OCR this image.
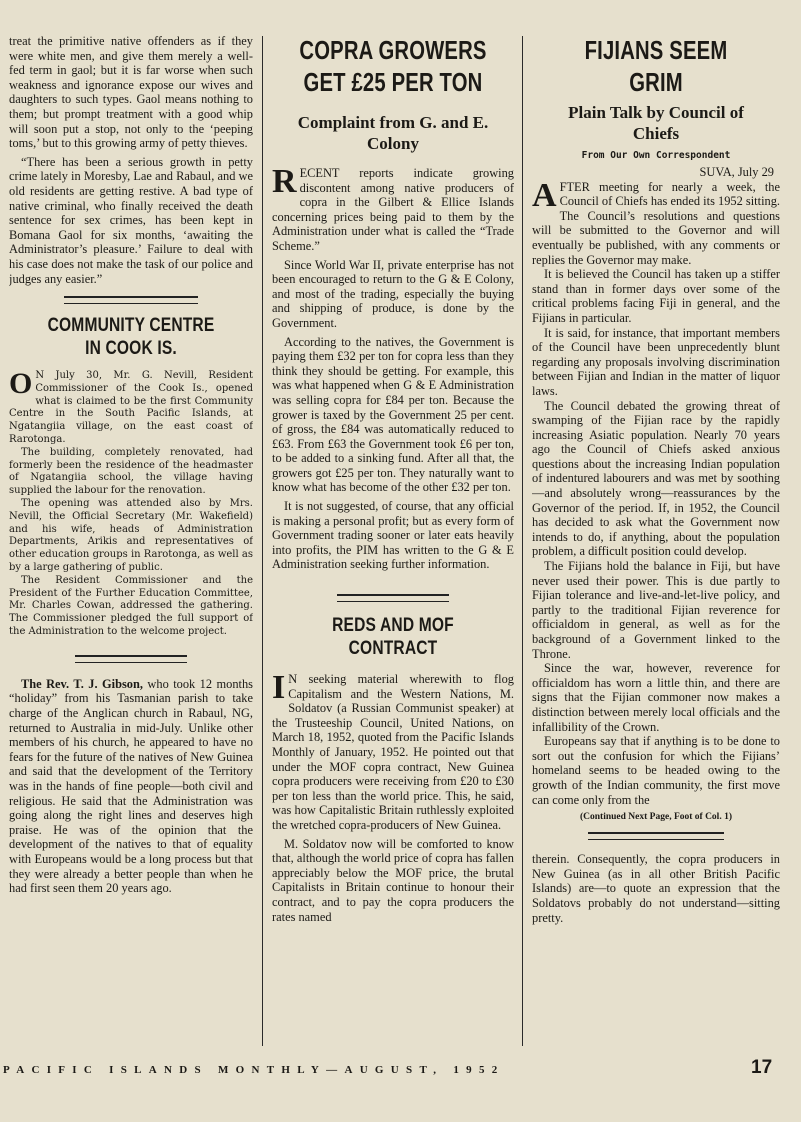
treat the primitive native offenders as if they were white men, and give them merely a well-fed term in gaol; but it is far worse when such weakness and ignorance expose our wives and daughters to such types. Gaol means nothing to them; but prompt treatment with a good whip will soon put a stop, not only to the ‘peeping toms,’ but to this growing army of petty thieves.

“There has been a serious growth in petty crime lately in Moresby, Lae and Rabaul, and we old residents are getting restive. A bad type of native criminal, who finally received the death sentence for sex crimes, has been kept in Bomana Gaol for six months, ‘awaiting the Administrator’s pleasure.’ Failure to deal with his case does not make the task of our police and judges any easier.”

COMMUNITY CENTRE IN COOK IS.

O N July 30, Mr. G. Nevill, Resident Commissioner of the Cook Is., opened what is claimed to be the first Community Centre in the South Pacific Islands, at Ngatangiia village, on the east coast of Rarotonga.

The building, completely renovated, had formerly been the residence of the headmaster of Ngatangiia school, the village having supplied the labour for the renovation.

The opening was attended also by Mrs. Nevill, the Official Secretary (Mr. Wakefield) and his wife, heads of Administration Departments, Arikis and representatives of other education groups in Rarotonga, as well as by a large gathering of public.

The Resident Commissioner and the President of the Further Education Committee, Mr. Charles Cowan, addressed the gathering. The Commissioner pledged the full support of the Administration to the welcome project.

The Rev. T. J. Gibson, who took 12 months “holiday” from his Tasmanian parish to take charge of the Anglican church in Rabaul, NG, returned to Australia in mid-July. Unlike other members of his church, he appeared to have no fears for the future of the natives of New Guinea and said that the development of the Territory was in the hands of fine people—both civil and religious. He said that the Administration was going along the right lines and deserves high praise. He was of the opinion that the development of the natives to that of equality with Europeans would be a long process but that they were already a better people than when he had first seen them 20 years ago.

COPRA GROWERS GET £25 PER TON
Complaint from G. and E. Colony

RECENT reports indicate growing discontent among native producers of copra in the Gilbert & Ellice Islands concerning prices being paid to them by the Administration under what is called the “Trade Scheme.”

Since World War II, private enterprise has not been encouraged to return to the G & E Colony, and most of the trading, especially the buying and shipping of produce, is done by the Government.

According to the natives, the Government is paying them £32 per ton for copra less than they think they should be getting. For example, this was what happened when G & E Administration was selling copra for £84 per ton. Because the grower is taxed by the Government 25 per cent. of gross, the £84 was automatically reduced to £63. From £63 the Government took £6 per ton, to be added to a sinking fund. After all that, the growers got £25 per ton. They naturally want to know what has become of the other £32 per ton.

It is not suggested, of course, that any official is making a personal profit; but as every form of Government trading sooner or later eats heavily into profits, the PIM has written to the G & E Administration seeking further information.

REDS AND MOF CONTRACT

I N seeking material wherewith to flog Capitalism and the Western Nations, M. Soldatov (a Russian Communist speaker) at the Trusteeship Council, United Nations, on March 18, 1952, quoted from the Pacific Islands Monthly of January, 1952. He pointed out that under the MOF copra contract, New Guinea copra producers were receiving from £20 to £30 per ton less than the world price. This, he said, was how Capitalistic Britain ruthlessly exploited the wretched copra-producers of New Guinea.

M. Soldatov now will be comforted to know that, although the world price of copra has fallen appreciably below the MOF price, the brutal Capitalists in Britain continue to honour their contract, and to pay the copra producers the rates named

FIJIANS SEEM GRIM
Plain Talk by Council of Chiefs
From Our Own Correspondent
SUVA, July 29

AFTER meeting for nearly a week, the Council of Chiefs has ended its 1952 sitting. The Council’s resolutions and questions will be submitted to the Governor and will eventually be published, with any comments or replies the Governor may make.

It is believed the Council has taken up a stiffer stand than in former days over some of the critical problems facing Fiji in general, and the Fijians in particular.

It is said, for instance, that important members of the Council have been unprecedently blunt regarding any proposals involving discrimination between Fijian and Indian in the matter of liquor laws.

The Council debated the growing threat of swamping of the Fijian race by the rapidly increasing Asiatic population. Nearly 70 years ago the Council of Chiefs asked anxious questions about the increasing Indian population of indentured labourers and was met by soothing—and absolutely wrong—reassurances by the Governor of the period. If, in 1952, the Council has decided to ask what the Government now intends to do, if anything, about the population problem, a difficult position could develop.

The Fijians hold the balance in Fiji, but have never used their power. This is due partly to Fijian tolerance and live-and-let-live policy, and partly to the traditional Fijian reverence for officialdom in general, as well as for the background of a Government linked to the Throne.

Since the war, however, reverence for officialdom has worn a little thin, and there are signs that the Fijian commoner now makes a distinction between merely local officials and the infallibility of the Crown.

Europeans say that if anything is to be done to sort out the confusion for which the Fijians’ homeland seems to be headed owing to the growth of the Indian community, the first move can come only from the

(Continued Next Page, Foot of Col. 1)

therein. Consequently, the copra producers in New Guinea (as in all other British Pacific Islands) are—to quote an expression that the Soldatovs probably do not understand—sitting pretty.

PACIFIC ISLANDS MONTHLY—AUGUST, 1952	17
